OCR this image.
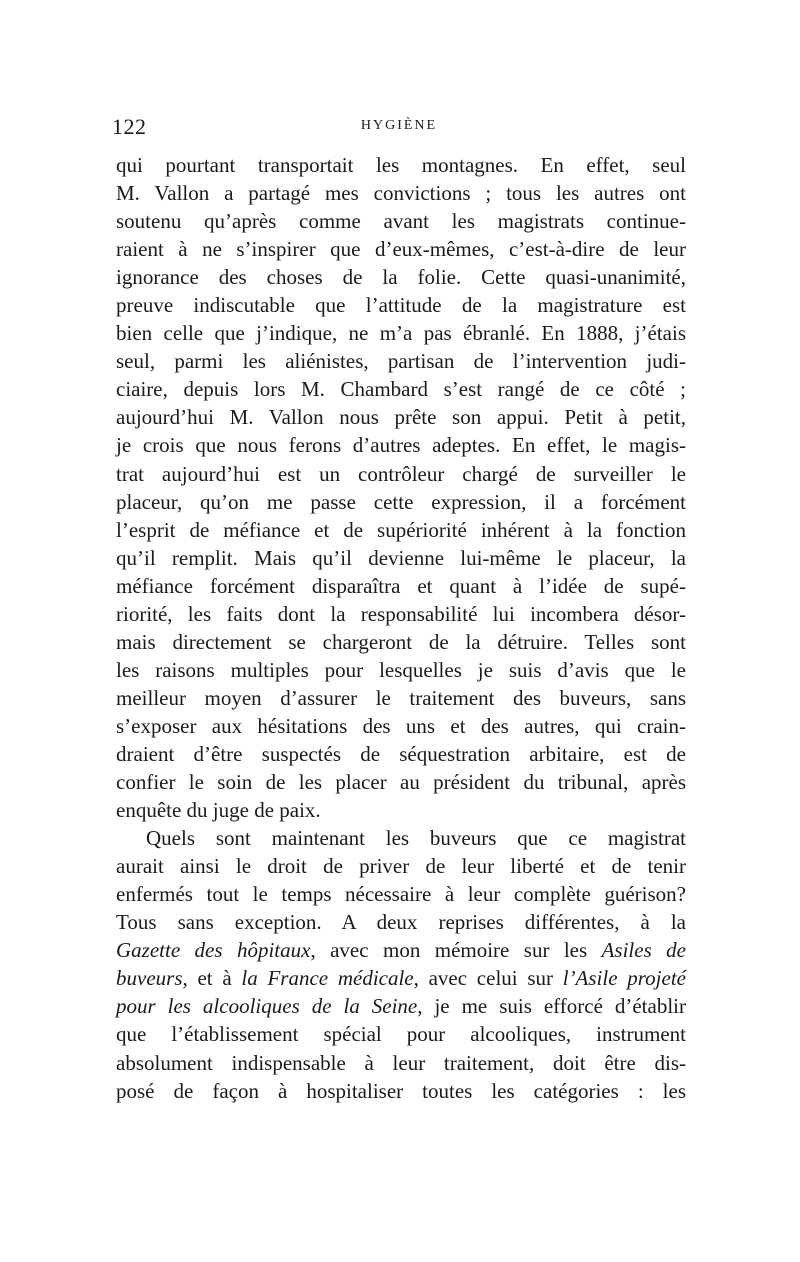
122	HYGIÈNE
qui pourtant transportait les montagnes. En effet, seul
M. Vallon a partagé mes convictions ; tous les autres ont
soutenu qu’après comme avant les magistrats continue-
raient à ne s’inspirer que d’eux-mêmes, c’est-à-dire de leur
ignorance des choses de la folie. Cette quasi-unanimité,
preuve indiscutable que l’attitude de la magistrature est
bien celle que j’indique, ne m’a pas ébranlé. En 1888, j’étais
seul, parmi les aliénistes, partisan de l’intervention judi-
ciaire, depuis lors M. Chambard s’est rangé de ce côté ;
aujourd’hui M. Vallon nous prête son appui. Petit à petit,
je crois que nous ferons d’autres adeptes. En effet, le magis-
trat aujourd’hui est un contrôleur chargé de surveiller le
placeur, qu’on me passe cette expression, il a forcément
l’esprit de méfiance et de supériorité inhérent à la fonction
qu’il remplit. Mais qu’il devienne lui-même le placeur, la
méfiance forcément disparaîtra et quant à l’idée de supé-
riorité, les faits dont la responsabilité lui incombera désor-
mais directement se chargeront de la détruire. Telles sont
les raisons multiples pour lesquelles je suis d’avis que le
meilleur moyen d’assurer le traitement des buveurs, sans
s’exposer aux hésitations des uns et des autres, qui crain-
draient d’être suspectés de séquestration arbitaire, est de
confier le soin de les placer au président du tribunal, après
enquête du juge de paix.
Quels sont maintenant les buveurs que ce magistrat
aurait ainsi le droit de priver de leur liberté et de tenir
enfermés tout le temps nécessaire à leur complète guérison?
Tous sans exception. A deux reprises différentes, à la
Gazette des hôpitaux, avec mon mémoire sur les Asiles de
buveurs, et à la France médicale, avec celui sur l’Asile projeté
pour les alcooliques de la Seine, je me suis efforcé d’établir
que l’établissement spécial pour alcooliques, instrument
absolument indispensable à leur traitement, doit être dis-
posé de façon à hospitaliser toutes les catégories : les
